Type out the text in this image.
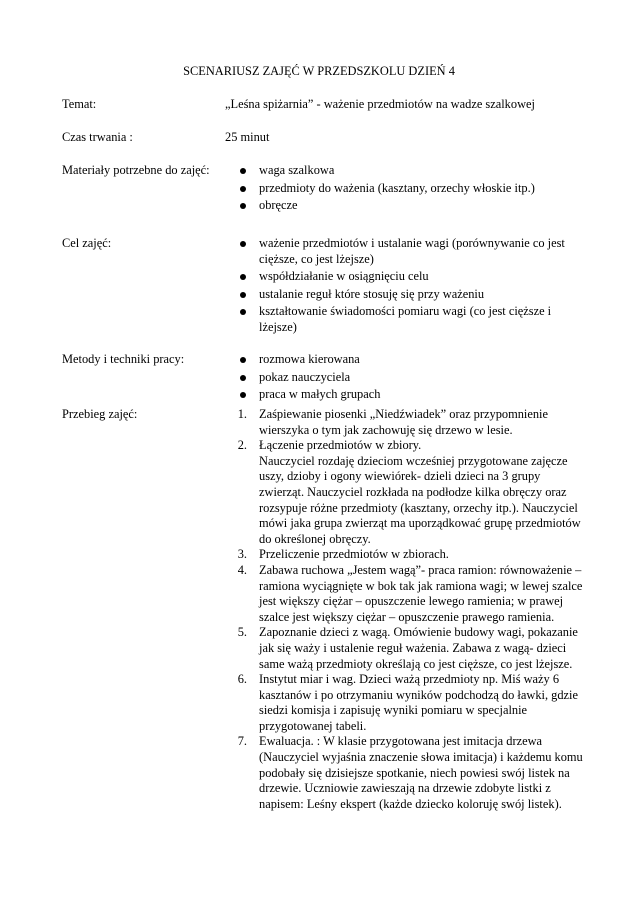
SCENARIUSZ ZAJĘĆ W PRZEDSZKOLU DZIEŃ 4
Temat:	„Leśna spiżarnia” - ważenie przedmiotów na wadze szalkowej
Czas trwania :	25 minut
Materiały potrzebne do zajęć:	waga szalkowa
przedmioty do ważenia (kasztany, orzechy włoskie itp.)
obręcze
Cel zajęć:	ważenie przedmiotów i ustalanie wagi (porównywanie co jest cięższe, co jest lżejsze)
współdziałanie w osiągnięciu celu
ustalanie reguł które stosuję się przy ważeniu
kształtowanie świadomości pomiaru wagi (co jest cięższe i lżejsze)
Metody i techniki pracy:	rozmowa kierowana
pokaz nauczyciela
praca w małych grupach
Przebieg zajęć:	1. Zaśpiewanie piosenki „Niedźwiadek” oraz przypomnienie wierszyka o tym jak zachowuję się drzewo w lesie.
2. Łączenie przedmiotów w zbiory.
Nauczyciel rozdaję dzieciom wcześniej przygotowane zajęcze uszy, dzioby i ogony wiewiórek- dzieli dzieci na 3 grupy zwierząt. Nauczyciel rozkłada na podłodze kilka obręczy oraz rozsypuje różne przedmioty (kasztany, orzechy itp.). Nauczyciel mówi jaka grupa zwierząt ma uporządkować grupę przedmiotów do określonej obręczy.
3. Przeliczenie przedmiotów w zbiorach.
4. Zabawa ruchowa „Jestem wagą”- praca ramion: równoważenie – ramiona wyciągnięte w bok tak jak ramiona wagi; w lewej szalce jest większy ciężar – opuszczenie lewego ramienia; w prawej szalce jest większy ciężar – opuszczenie prawego ramienia.
5. Zapoznanie dzieci z wagą. Omówienie budowy wagi, pokazanie jak się waży i ustalenie reguł ważenia. Zabawa z wagą- dzieci same ważą przedmioty określają co jest cięższe, co jest lżejsze.
6. Instytut miar i wag. Dzieci ważą przedmioty np. Miś waży 6 kasztanów i po otrzymaniu wyników podchodzą do ławki, gdzie siedzi komisja i zapisuję wyniki pomiaru w specjalnie przygotowanej tabeli.
7. Ewaluacja. : W klasie przygotowana jest imitacja drzewa (Nauczyciel wyjaśnia znaczenie słowa imitacja) i każdemu komu podobały się dzisiejsze spotkanie, niech powiesi swój listek na drzewie. Uczniowie zawieszają na drzewie zdobyte listki z napisem: Leśny ekspert (każde dziecko koloruję swój listek).
